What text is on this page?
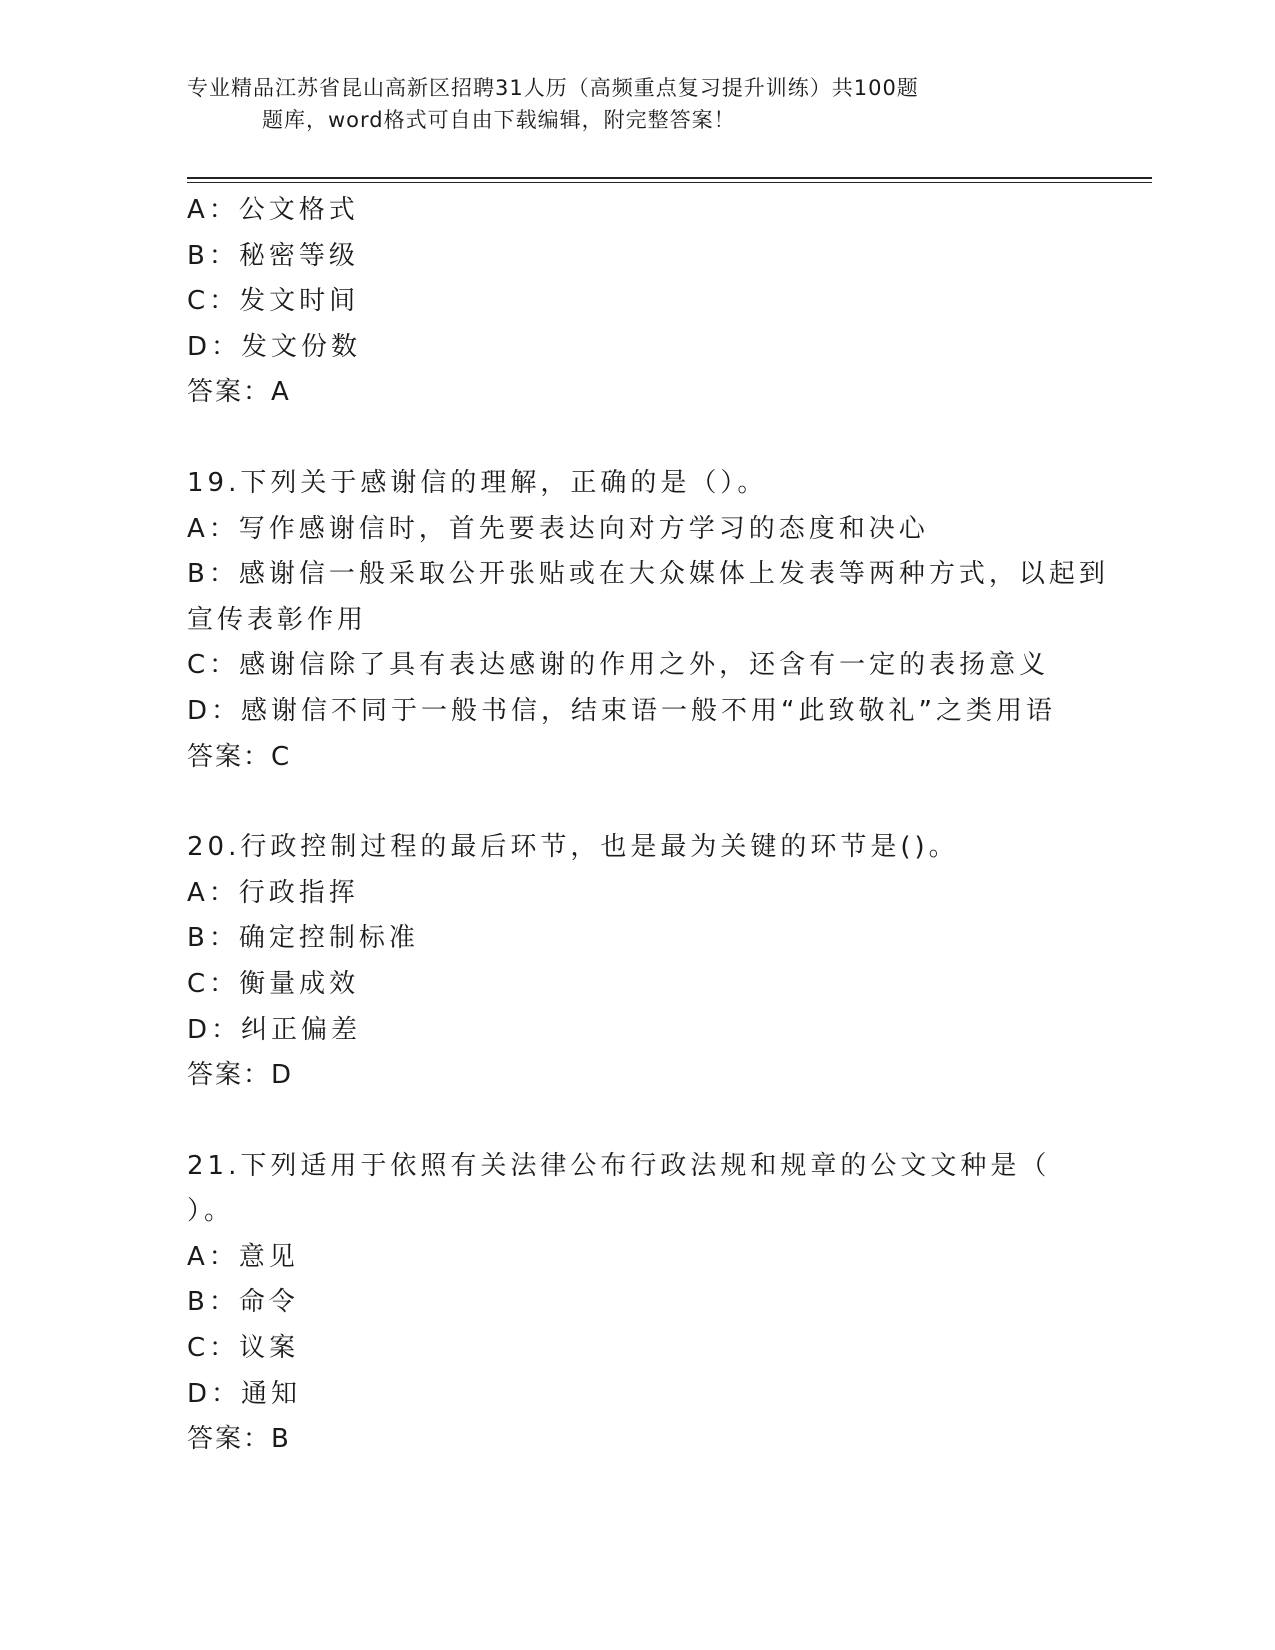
专业精品江苏省昆山高新区招聘31人历（高频重点复习提升训练）共100题
题库，word格式可自由下载编辑，附完整答案！
A：公文格式
B：秘密等级
C：发文时间
D：发文份数
答案：A
19.下列关于感谢信的理解，正确的是（）。
A：写作感谢信时，首先要表达向对方学习的态度和决心
B：感谢信一般采取公开张贴或在大众媒体上发表等两种方式，以起到
宣传表彰作用
C：感谢信除了具有表达感谢的作用之外，还含有一定的表扬意义
D：感谢信不同于一般书信，结束语一般不用“此致敬礼”之类用语
答案：C
20.行政控制过程的最后环节，也是最为关键的环节是()。
A：行政指挥
B：确定控制标准
C：衡量成效
D：纠正偏差
答案：D
21.下列适用于依照有关法律公布行政法规和规章的公文文种是（
）。
A：意见
B：命令
C：议案
D：通知
答案：B
